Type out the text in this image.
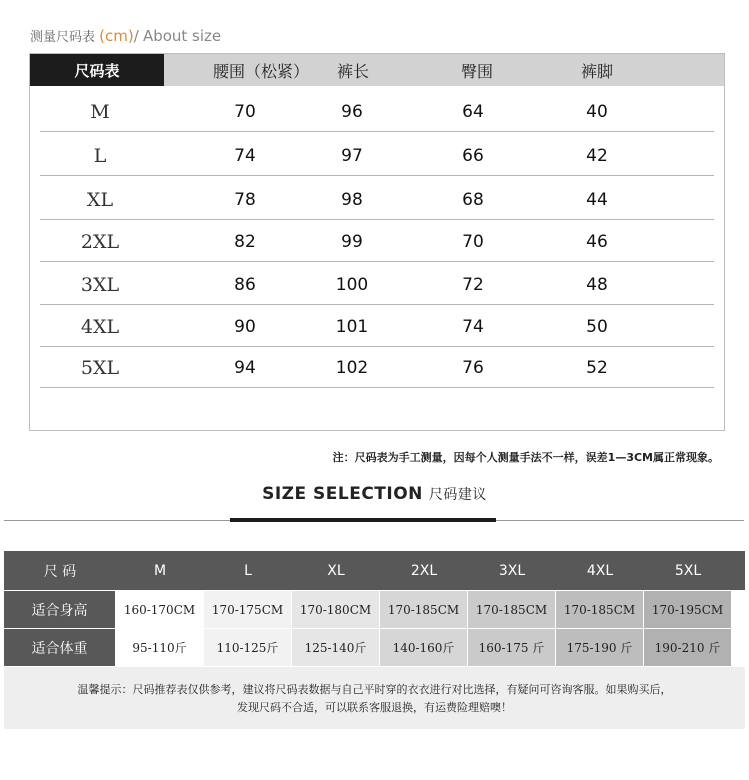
测量尺码表 (cm)/ About size
尺码表	腰围（松紧）	裤长	臀围	裤脚
M	70	96	64	40
L	74	97	66	42
XL	78	98	68	44
2XL	82	99	70	46
3XL	86	100	72	48
4XL	90	101	74	50
5XL	94	102	76	52
注：尺码表为手工测量，因每个人测量手法不一样，误差1—3CM属正常现象。
SIZE SELECTION 尺码建议
尺 码	M	L	XL	2XL	3XL	4XL	5XL
适合身高	160-170CM	170-175CM	170-180CM	170-185CM	170-185CM	170-185CM	170-195CM
适合体重	95-110斤	110-125斤	125-140斤	140-160斤	160-175 斤	175-190 斤	190-210 斤
温馨提示：尺码推荐表仅供参考，建议将尺码表数据与自己平时穿的衣衣进行对比选择，有疑问可咨询客服。如果购买后，
发现尺码不合适，可以联系客服退换，有运费险理赔噢！
